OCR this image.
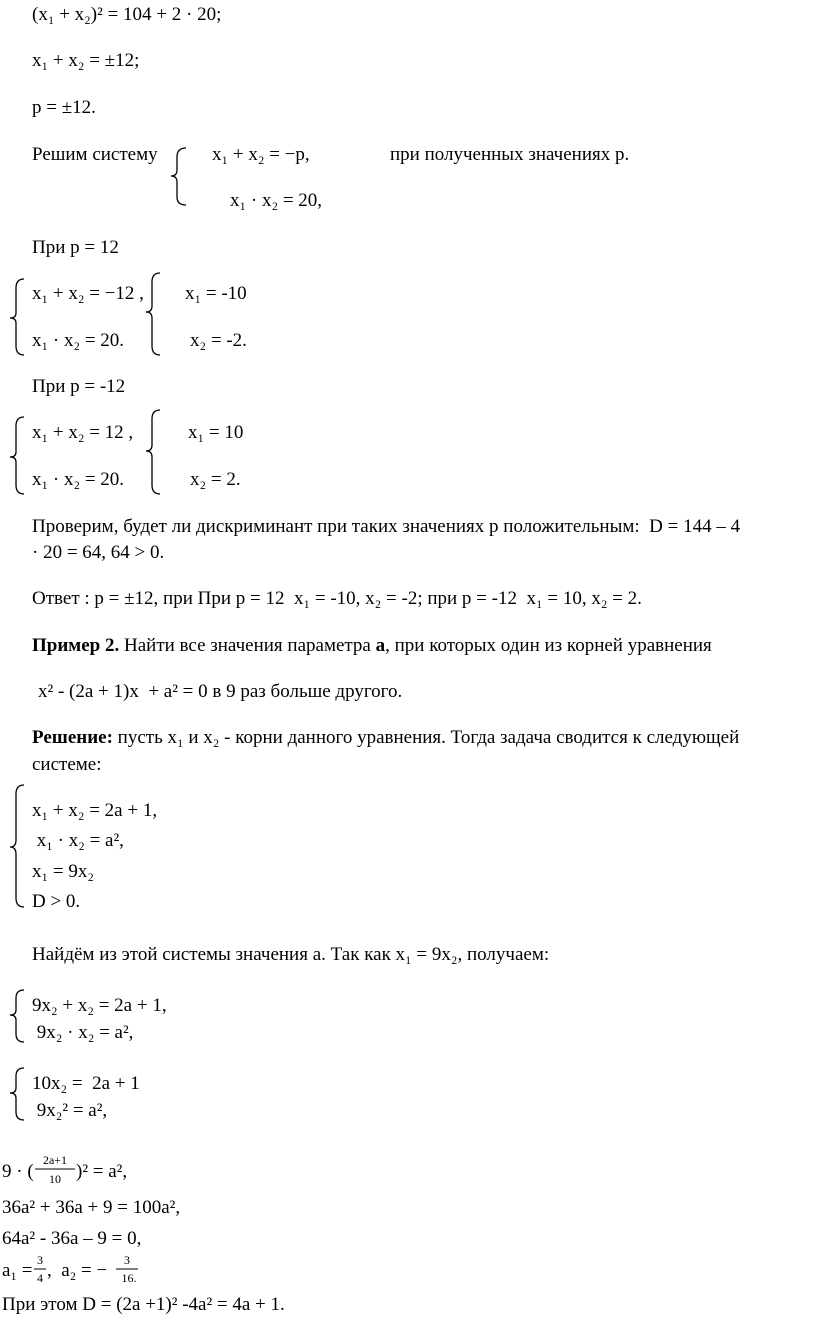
(x₁ + x₂)² = 104 + 2 · 20;
x₁ + x₂ = ±12;
p = ±12.
Решим систему	x₁ + x₂ = −p,	при полученных значениях р.
x₁ · x₂ = 20,
При р = 12
x₁ + x₂ = −12 ,
x₁ · x₂ = 20.
x₁ = -10
x₂ = -2.
При р = -12
x₁ + x₂ = 12 ,
x₁ · x₂ = 20.
x₁ = 10
x₂ = 2.
Проверим, будет ли дискриминант при таких значениях р положительным:  D = 144 – 4
· 20 = 64, 64 > 0.
Ответ : р = ±12, при При р = 12  x₁ = -10, x₂ = -2; при р = -12  x₁ = 10, x₂ = 2.
Пример 2. Найти все значения параметра а, при которых один из корней уравнения
x² - (2a + 1)x  + a² = 0 в 9 раз больше другого.
Решение: пусть x₁ и x₂ - корни данного уравнения. Тогда задача сводится к следующей
системе:
x₁ + x₂ = 2a + 1,
x₁ · x₂ = a²,
x₁ = 9x₂
D > 0.
Найдём из этой системы значения а. Так как x₁ = 9x₂, получаем:
9x₂ + x₂ = 2a + 1,
9x₂ · x₂ = a²,
10x₂ =  2a + 1
9x₂² = a²,
9 · (
2a+1
10 )² = a²,
36a² + 36a + 9 = 100a²,
64a² - 36a – 9 = 0,
a₁ = 3
4 ,  a₂ = −	3
16.
При этом D = (2a +1)² -4a² = 4a + 1.
